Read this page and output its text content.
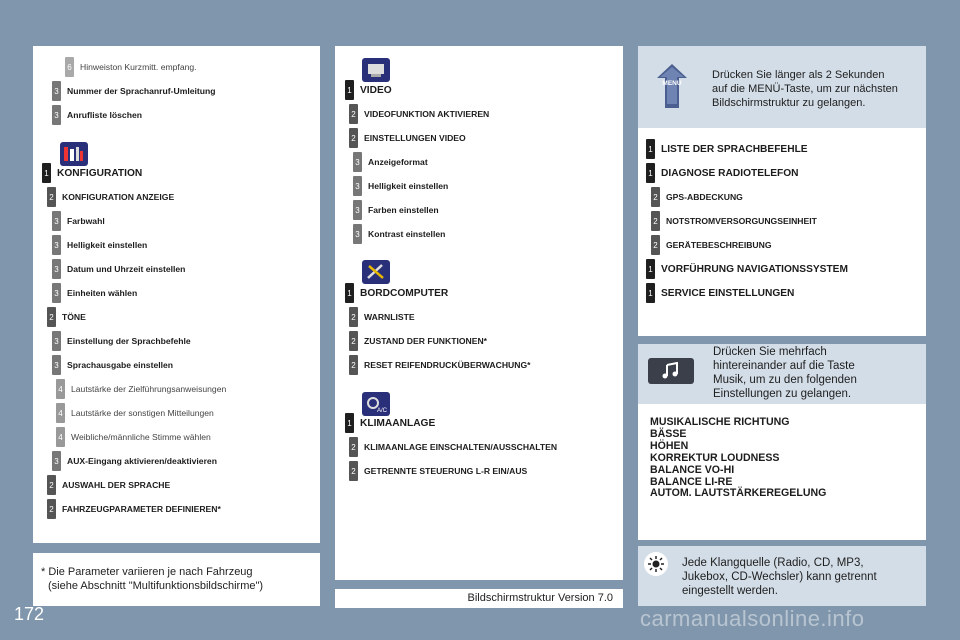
6 Hinweiston Kurzmitt. empfang.
3 Nummer der Sprachanruf-Umleitung
3 Anrufliste löschen
1 KONFIGURATION
2 KONFIGURATION ANZEIGE
3 Farbwahl
3 Helligkeit einstellen
3 Datum und Uhrzeit einstellen
3 Einheiten wählen
2 TÖNE
3 Einstellung der Sprachbefehle
3 Sprachausgabe einstellen
4 Lautstärke der Zielführungsanweisungen
4 Lautstärke der sonstigen Mitteilungen
4 Weibliche/männliche Stimme wählen
3 AUX-Eingang aktivieren/deaktivieren
2 AUSWAHL DER SPRACHE
2 FAHRZEUGPARAMETER DEFINIEREN*
* Die Parameter variieren je nach Fahrzeug
(siehe Abschnitt "Multifunktionsbildschirme")
A/C
1 VIDEO
2 VIDEOFUNKTION AKTIVIEREN
2 EINSTELLUNGEN VIDEO
3 Anzeigeformat
3 Helligkeit einstellen
3 Farben einstellen
3 Kontrast einstellen
1 BORDCOMPUTER
2 WARNLISTE
2 ZUSTAND DER FUNKTIONEN*
2 RESET REIFENDRUCKÜBERWACHUNG*
1 KLIMAANLAGE
2 KLIMAANLAGE EINSCHALTEN/AUSSCHALTEN
2 GETRENNTE STEUERUNG L-R EIN/AUS
Bildschirmstruktur Version 7.0
MENU
Drücken Sie länger als 2 Sekunden
auf die MENÜ-Taste, um zur nächsten
Bildschirmstruktur zu gelangen.
1 LISTE DER SPRACHBEFEHLE
1 DIAGNOSE RADIOTELEFON
2 GPS-ABDECKUNG
2 NOTSTROMVERSORGUNGSEINHEIT
2 GERÄTEBESCHREIBUNG
1 VORFÜHRUNG NAVIGATIONSSYSTEM
1 SERVICE EINSTELLUNGEN
Drücken Sie mehrfach
hintereinander auf die Taste
Musik, um zu den folgenden
Einstellungen zu gelangen.
MUSIKALISCHE RICHTUNG
BÄSSE
HÖHEN
KORREKTUR LOUDNESS
BALANCE VO-HI
BALANCE LI-RE
AUTOM. LAUTSTÄRKEREGELUNG
Jede Klangquelle (Radio, CD, MP3,
Jukebox, CD-Wechsler) kann getrennt
eingestellt werden.
172	carmanualsonline.info
